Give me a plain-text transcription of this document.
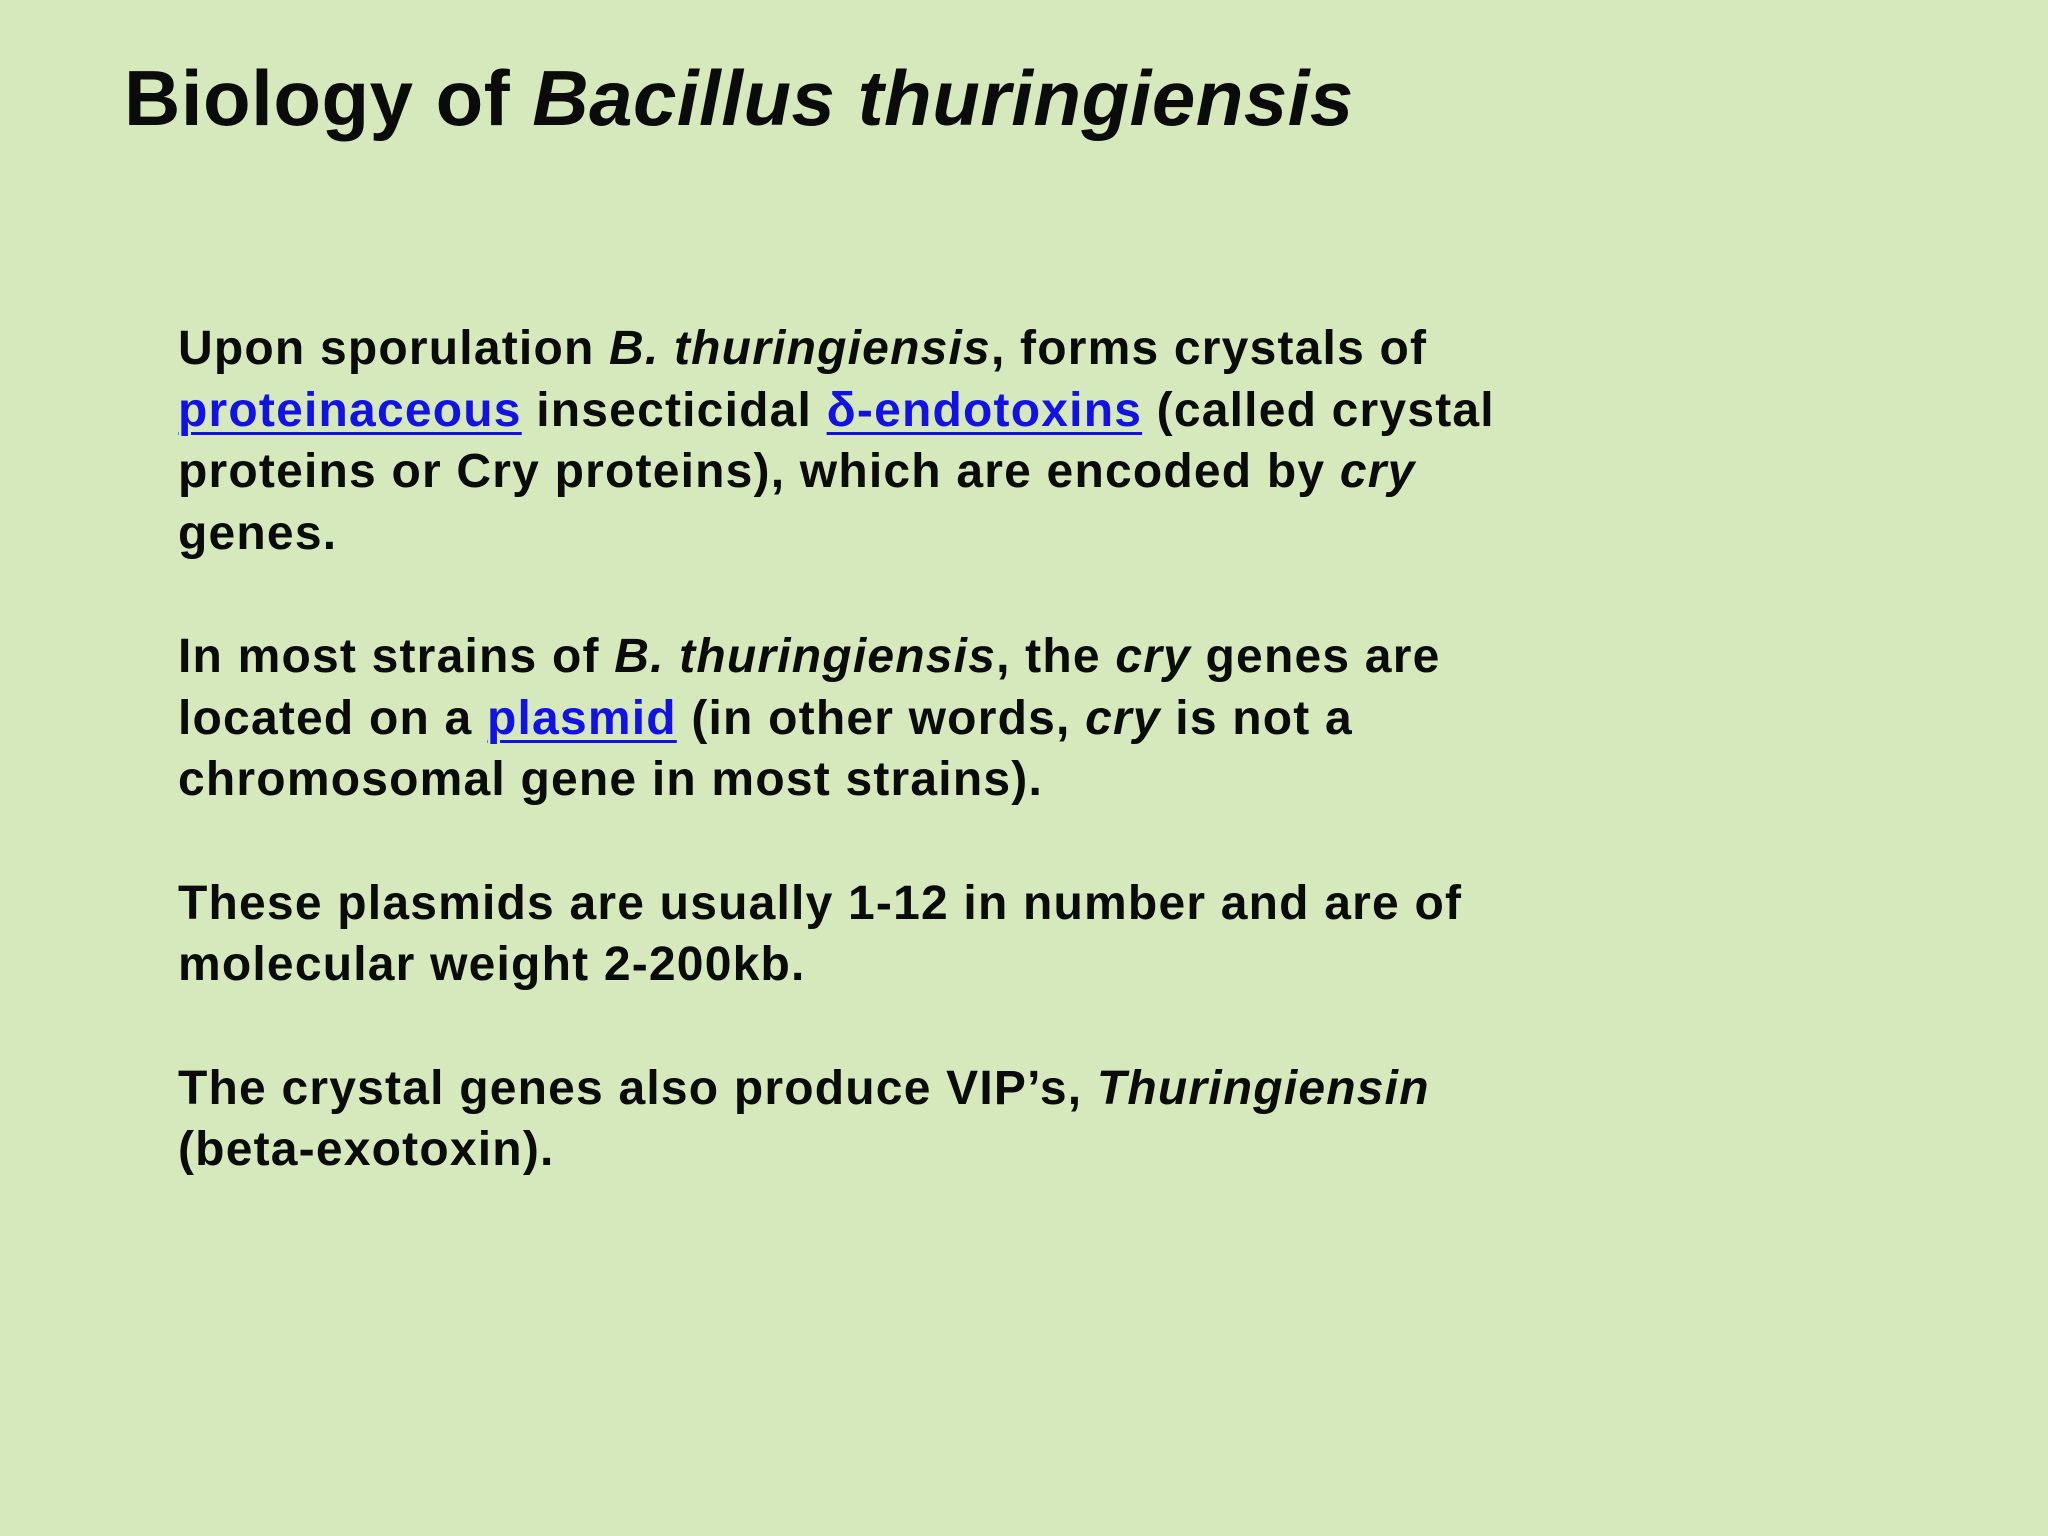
Biology of Bacillus thuringiensis

Upon sporulation B. thuringiensis, forms crystals of
proteinaceous insecticidal δ-endotoxins (called crystal
proteins or Cry proteins), which are encoded by cry
genes.

In most strains of B. thuringiensis, the cry genes are
located on a plasmid (in other words, cry is not a
chromosomal gene in most strains).

These plasmids are usually 1-12 in number and are of
molecular weight 2-200kb.

The crystal genes also produce VIP’s, Thuringiensin
(beta-exotoxin).
